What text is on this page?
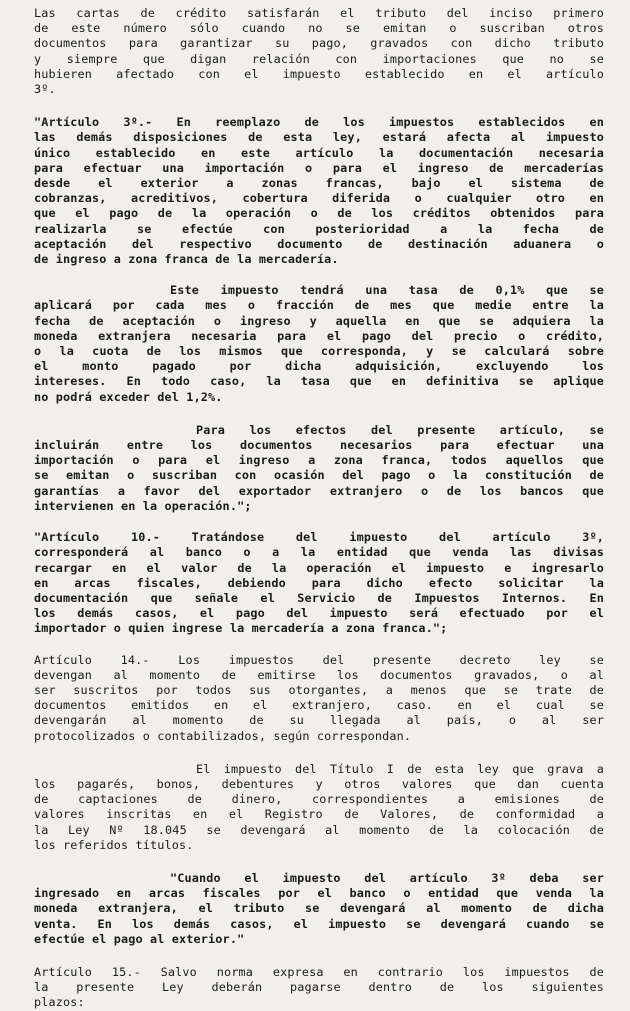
Las cartas de crédito satisfarán el tributo del inciso primero
de este número sólo cuando no se emitan o suscriban otros
documentos para garantizar su pago, gravados con dicho tributo
y siempre que digan relación con importaciones que no se
hubieren afectado con el impuesto establecido en el artículo
3º.

"Artículo 3º.- En reemplazo de los impuestos establecidos en
las demás disposiciones de esta ley, estará afecta al impuesto
único establecido en este artículo la documentación necesaria
para efectuar una importación o para el ingreso de mercaderías
desde el exterior a zonas francas, bajo el sistema de
cobranzas, acreditivos, cobertura diferida o cualquier otro en
que el pago de la operación o de los créditos obtenidos para
realizarla se efectúe con posterioridad a la fecha de
aceptación del respectivo documento de destinación aduanera o
de ingreso a zona franca de la mercadería.

Este impuesto tendrá una tasa de 0,1% que se
aplicará por cada mes o fracción de mes que medie entre la
fecha de aceptación o ingreso y aquella en que se adquiera la
moneda extranjera necesaria para el pago del precio o crédito,
o la cuota de los mismos que corresponda, y se calculará sobre
el monto pagado por dicha adquisición, excluyendo los
intereses. En todo caso, la tasa que en definitiva se aplique
no podrá exceder del 1,2%.

Para los efectos del presente artículo, se
incluirán entre los documentos necesarios para efectuar una
importación o para el ingreso a zona franca, todos aquellos que
se emitan o suscriban con ocasión del pago o la constitución de
garantías a favor del exportador extranjero o de los bancos que
intervienen en la operación.";

"Artículo 10.- Tratándose del impuesto del artículo 3º,
corresponderá al banco o a la entidad que venda las divisas
recargar en el valor de la operación el impuesto e ingresarlo
en arcas fiscales, debiendo para dicho efecto solicitar la
documentación que señale el Servicio de Impuestos Internos. En
los demás casos, el pago del impuesto será efectuado por el
importador o quien ingrese la mercadería a zona franca.";

Artículo 14.- Los impuestos del presente decreto ley se
devengan al momento de emitirse los documentos gravados, o al
ser suscritos por todos sus otorgantes, a menos que se trate de
documentos emitidos en el extranjero, caso. en el cual se
devengarán al momento de su llegada al país, o al ser
protocolizados o contabilizados, según correspondan.

El impuesto del Título I de esta ley que grava a
los pagarés, bonos, debentures y otros valores que dan cuenta
de captaciones de dinero, correspondientes a emisiones de
valores inscritas en el Registro de Valores, de conformidad a
la Ley Nº 18.045 se devengará al momento de la colocación de
los referidos títulos.

"Cuando el impuesto del artículo 3º deba ser
ingresado en arcas fiscales por el banco o entidad que venda la
moneda extranjera, el tributo se devengará al momento de dicha
venta. En los demás casos, el impuesto se devengará cuando se
efectúe el pago al exterior."

Artículo 15.- Salvo norma expresa en contrario los impuestos de
la presente Ley deberán pagarse dentro de los siguientes
plazos:
